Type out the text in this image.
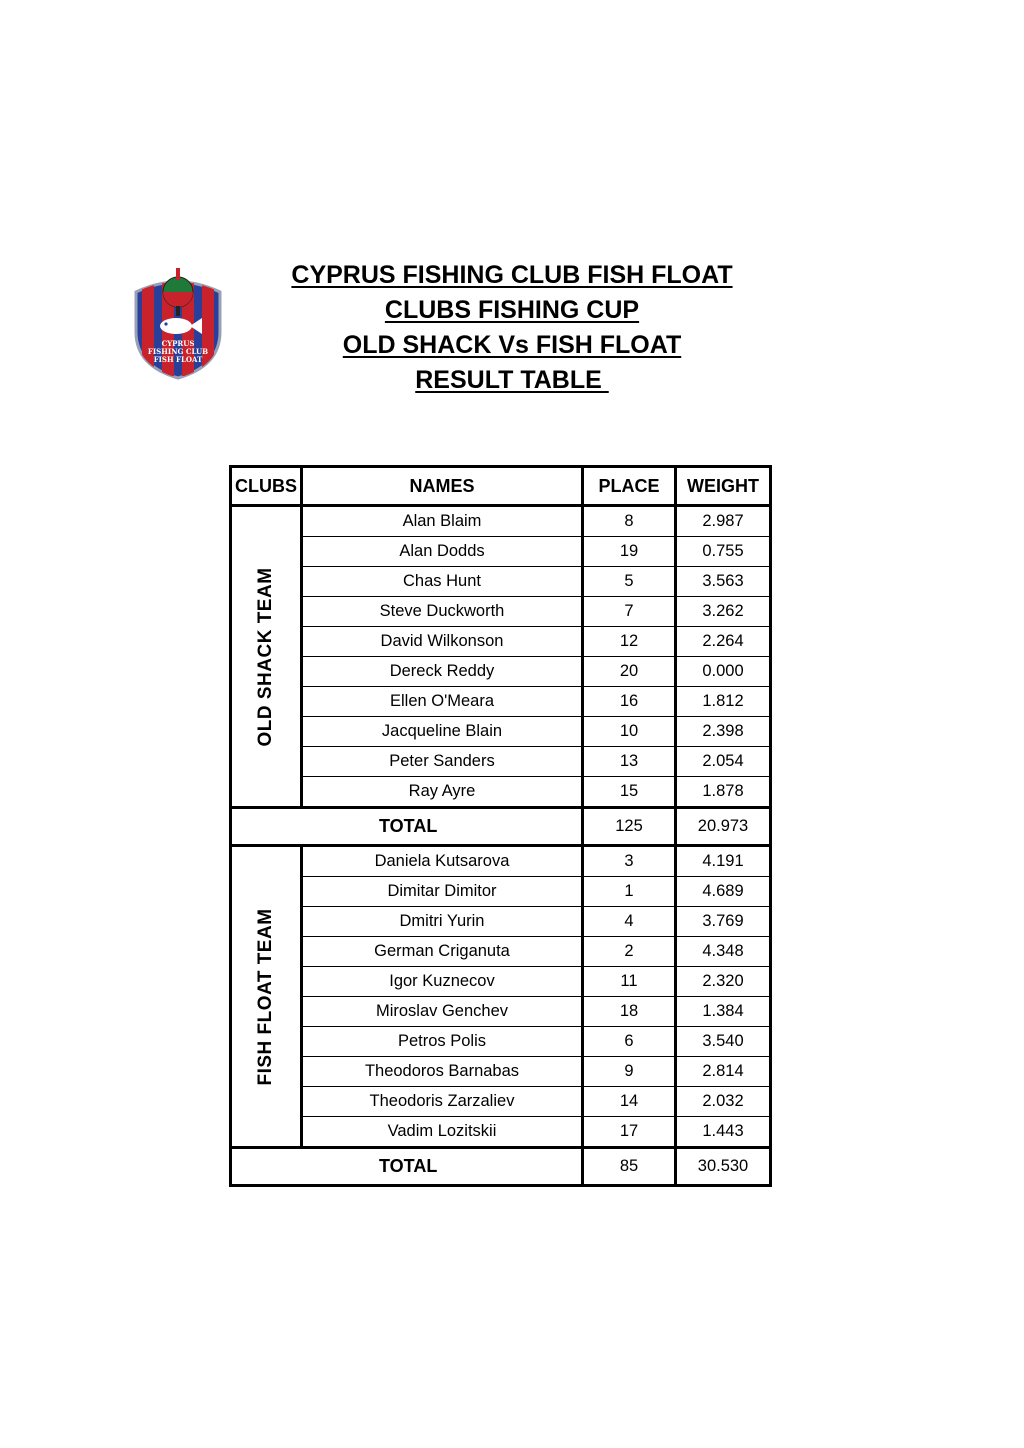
CYPRUS
FISHING CLUB
FISH FLOAT
CYPRUS FISHING CLUB FISH FLOAT
CLUBS FISHING CUP
OLD SHACK Vs FISH FLOAT
RESULT TABLE
CLUBS	NAMES	PLACE	WEIGHT

OLD SHACK TEAM	Alan Blaim	8	2.987
	Alan Dodds	19	0.755
	Chas Hunt	5	3.563
	Steve Duckworth	7	3.262
	David Wilkonson	12	2.264
	Dereck Reddy	20	0.000
	Ellen O'Meara	16	1.812
	Jacqueline Blain	10	2.398
	Peter Sanders	13	2.054
	Ray Ayre	15	1.878
TOTAL		125	20.973

FISH FLOAT TEAM	Daniela Kutsarova	3	4.191
	Dimitar Dimitor	1	4.689
	Dmitri Yurin	4	3.769
	German Criganuta	2	4.348
	Igor Kuznecov	11	2.320
	Miroslav Genchev	18	1.384
	Petros Polis	6	3.540
	Theodoros Barnabas	9	2.814
	Theodoris Zarzaliev	14	2.032
	Vadim Lozitskii	17	1.443
TOTAL		85	30.530
